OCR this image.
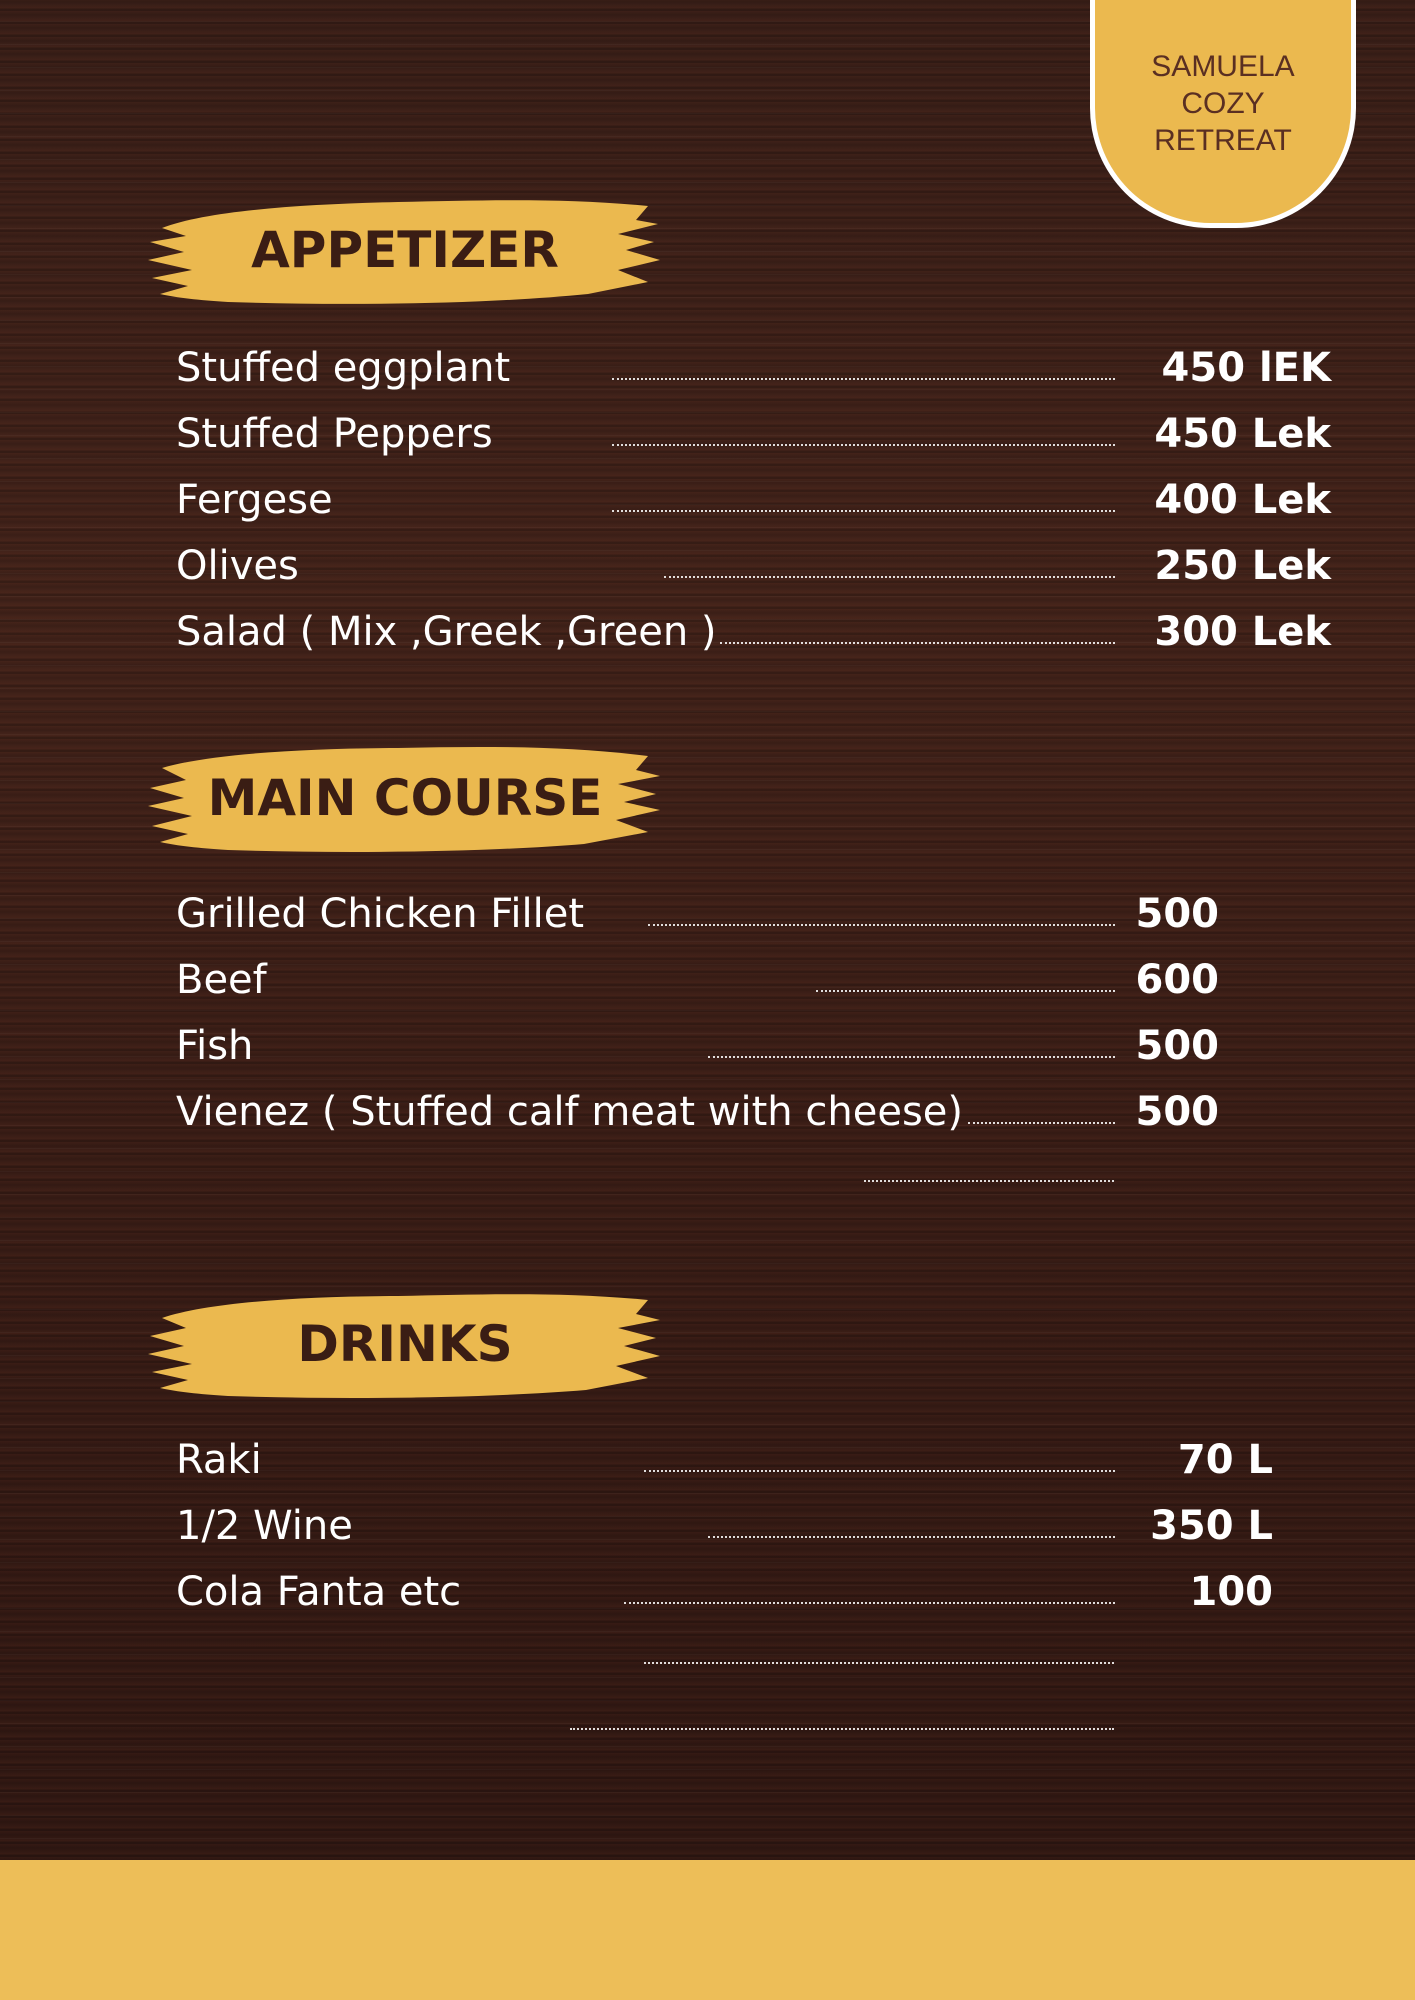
SAMUELA
COZY
RETREAT
APPETIZER
Stuffed eggplant	450 lEK
Stuffed Peppers	450 Lek
Fergese	400 Lek
Olives	250 Lek
Salad ( Mix ,Greek ,Green )	300 Lek
MAIN COURSE
Grilled Chicken Fillet	500
Beef	600
Fish	500
Vienez ( Stuffed calf meat with cheese)	500
DRINKS
Raki	70 L
1/2 Wine	350 L
Cola Fanta etc	100
